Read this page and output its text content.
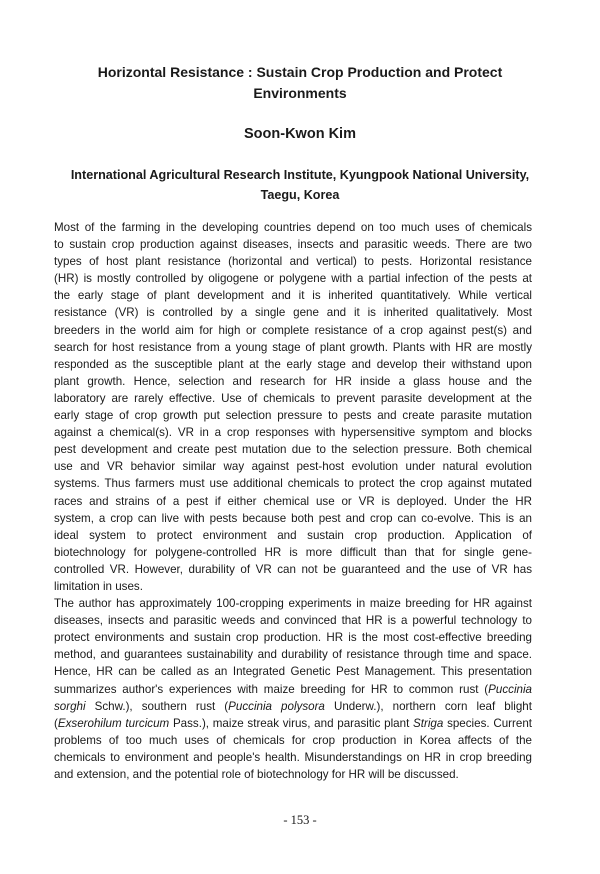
Horizontal Resistance : Sustain Crop Production and Protect
Environments
Soon-Kwon Kim
International Agricultural Research Institute, Kyungpook National University,
Taegu, Korea
Most of the farming in the developing countries depend on too much uses of chemicals
to sustain crop production against diseases, insects and parasitic weeds. There are two
types of host plant resistance (horizontal and vertical) to pests. Horizontal resistance
(HR) is mostly controlled by oligogene or polygene with a partial infection of the pests at
the early stage of plant development and it is inherited quantitatively. While vertical
resistance (VR) is controlled by a single gene and it is inherited qualitatively. Most
breeders in the world aim for high or complete resistance of a crop against pest(s) and
search for host resistance from a young stage of plant growth. Plants with HR are mostly
responded as the susceptible plant at the early stage and develop their withstand upon
plant growth. Hence, selection and research for HR inside a glass house and the
laboratory are rarely effective. Use of chemicals to prevent parasite development at the
early stage of crop growth put selection pressure to pests and create parasite mutation
against a chemical(s). VR in a crop responses with hypersensitive symptom and blocks
pest development and create pest mutation due to the selection pressure. Both chemical
use and VR behavior similar way against pest-host evolution under natural evolution
systems. Thus farmers must use additional chemicals to protect the crop against mutated
races and strains of a pest if either chemical use or VR is deployed. Under the HR
system, a crop can live with pests because both pest and crop can co-evolve. This is an
ideal system to protect environment and sustain crop production. Application of
biotechnology for polygene-controlled HR is more difficult than that for single gene-
controlled VR. However, durability of VR can not be guaranteed and the use of VR has
limitation in uses.
The author has approximately 100-cropping experiments in maize breeding for HR against
diseases, insects and parasitic weeds and convinced that HR is a powerful technology to
protect environments and sustain crop production. HR is the most cost-effective breeding
method, and guarantees sustainability and durability of resistance through time and space.
Hence, HR can be called as an Integrated Genetic Pest Management. This presentation
summarizes author's experiences with maize breeding for HR to common rust (Puccinia
sorghi Schw.), southern rust (Puccinia polysora Underw.), northern corn leaf blight
(Exserohilum turcicum Pass.), maize streak virus, and parasitic plant Striga species. Current
problems of too much uses of chemicals for crop production in Korea affects of the
chemicals to environment and people's health. Misunderstandings on HR in crop breeding
and extension, and the potential role of biotechnology for HR will be discussed.
- 153 -
